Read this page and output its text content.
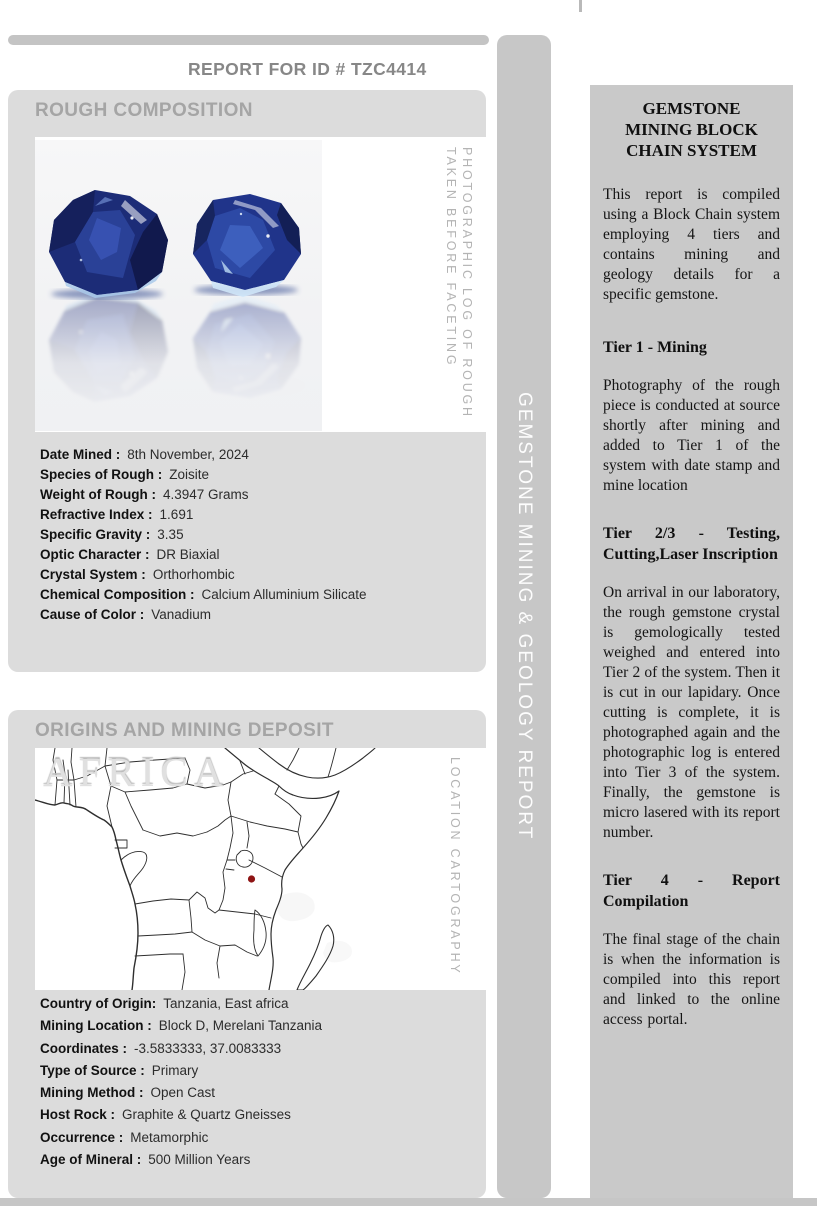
REPORT FOR ID # TZC4414
ROUGH COMPOSITION
PHOTOGRAPHIC LOG OF ROUGH
TAKEN BEFORE FACETING
Date Mined : 8th November, 2024
Species of Rough : Zoisite
Weight of Rough : 4.3947 Grams
Refractive Index : 1.691
Specific Gravity : 3.35
Optic Character : DR Biaxial
Crystal System : Orthorhombic
Chemical Composition : Calcium Alluminium Silicate
Cause of Color : Vanadium
ORIGINS AND MINING DEPOSIT
AFRICA	LOCATION CARTOGRAPHY
Country of Origin: Tanzania, East africa
Mining Location : Block D, Merelani Tanzania
Coordinates : -3.5833333, 37.0083333
Type of Source : Primary
Mining Method : Open Cast
Host Rock : Graphite & Quartz Gneisses
Occurrence : Metamorphic
Age of Mineral : 500 Million Years
GEMSTONE MINING & GEOLOGY REPORT
GEMSTONE MINING BLOCK CHAIN SYSTEM

This report is compiled using a Block Chain system employing 4 tiers and contains mining and geology details for a specific gemstone.

Tier 1 - Mining

Photography of the rough piece is conducted at source shortly after mining and added to Tier 1 of the system with date stamp and mine location

Tier 2/3 - Testing, Cutting,Laser Inscription

On arrival in our laboratory, the rough gemstone crystal is gemologically tested weighed and entered into Tier 2 of the system. Then it is cut in our lapidary. Once cutting is complete, it is photographed again and the photographic log is entered into Tier 3 of the system. Finally, the gemstone is micro lasered with its report number.

Tier 4 - Report Compilation

The final stage of the chain is when the information is compiled into this report and linked to the online access portal.
